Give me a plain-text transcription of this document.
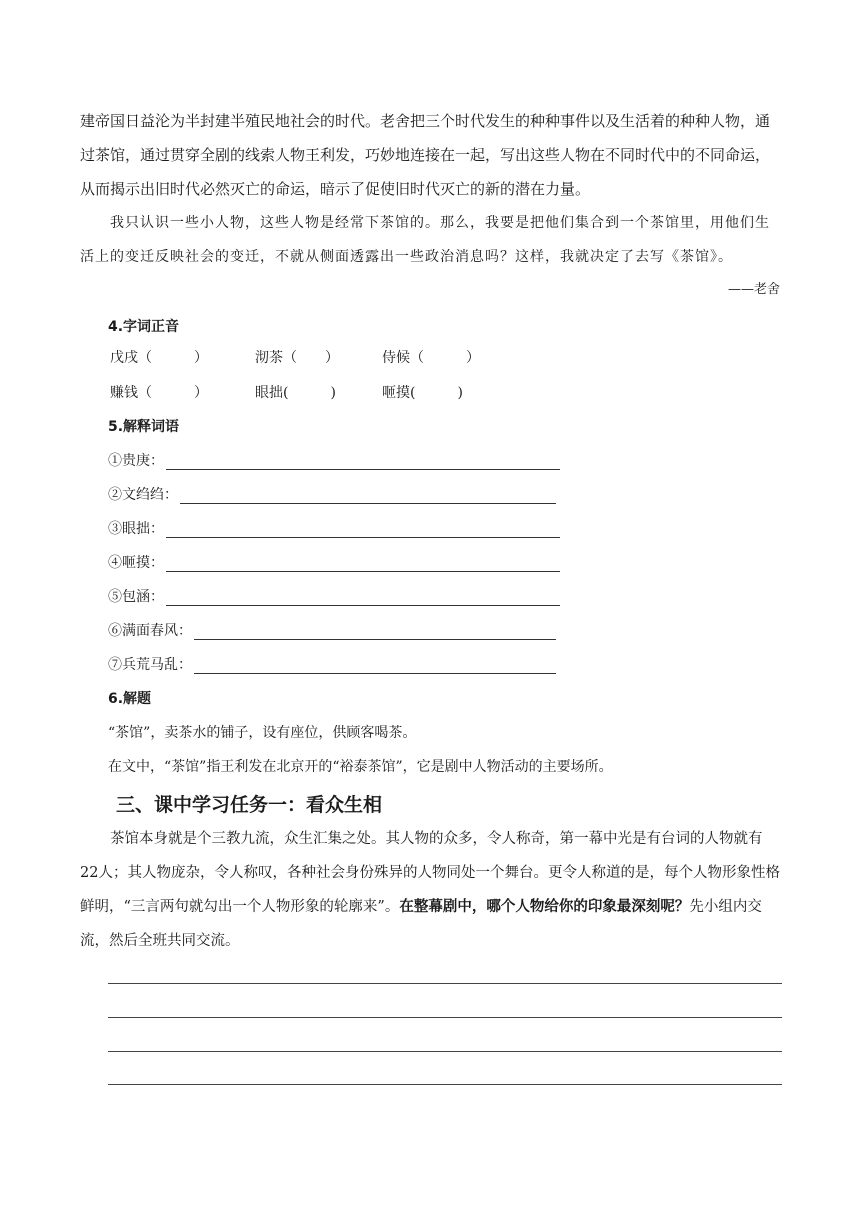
建帝国日益沦为半封建半殖民地社会的时代。老舍把三个时代发生的种种事件以及生活着的种种人物，通过茶馆，通过贯穿全剧的线索人物王利发，巧妙地连接在一起，写出这些人物在不同时代中的不同命运，从而揭示出旧时代必然灭亡的命运，暗示了促使旧时代灭亡的新的潜在力量。

我只认识一些小人物，这些人物是经常下茶馆的。那么，我要是把他们集合到一个茶馆里，用他们生活上的变迁反映社会的变迁，不就从侧面透露出一些政治消息吗？这样，我就决定了去写《茶馆》。

——老舍

4.字词正音

戊戌（　　　）	沏茶（　　）	侍候（　　　）

赚钱（　　　）	眼拙(　　　)	咂摸(　　　)

5.解释词语

①贵庚：
②文绉绉：
③眼拙：
④咂摸：
⑤包涵：
⑥满面春风：
⑦兵荒马乱：

6.解题

“茶馆”，卖茶水的铺子，设有座位，供顾客喝茶。

在文中，“茶馆”指王利发在北京开的“裕泰茶馆”，它是剧中人物活动的主要场所。

三、课中学习任务一：看众生相

茶馆本身就是个三教九流，众生汇集之处。其人物的众多，令人称奇，第一幕中光是有台词的人物就有22人；其人物庞杂，令人称叹，各种社会身份殊异的人物同处一个舞台。更令人称道的是，每个人物形象性格鲜明，“三言两句就勾出一个人物形象的轮廓来”。在整幕剧中，哪个人物给你的印象最深刻呢？先小组内交流，然后全班共同交流。
